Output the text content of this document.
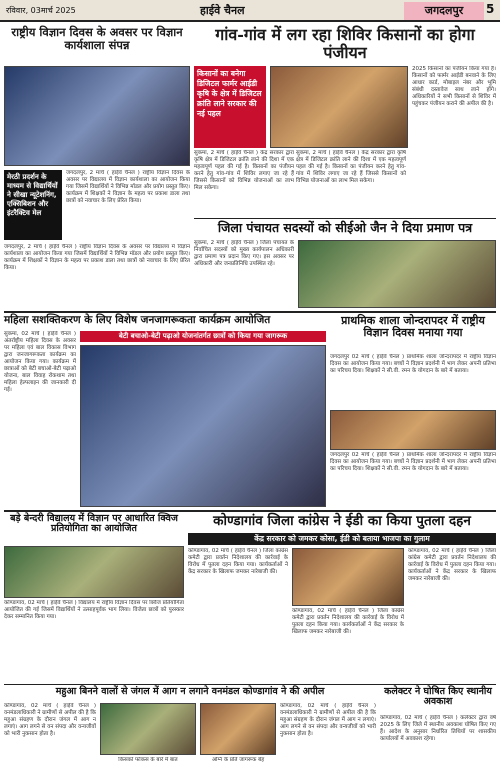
रविवार, 03मार्च 2025	हाईवे चैनल	जगदलपुर	5
राष्ट्रीय विज्ञान दिवस के अवसर पर विज्ञान कार्यशाला संपन्न
मेरठी प्रदर्शन के माध्यम से विद्यार्थियों ने सीखा न्यूटेशनिंग, एक्सिबिशन और इंटरैक्टिव मेल
जगदलपुर, 2 मार्च ( हाईवे चैनल ) राष्ट्रीय विज्ञान दिवस के अवसर पर विद्यालय में विज्ञान कार्यशाला का आयोजन किया गया जिसमें विद्यार्थियों ने विभिन्न मॉडल और प्रयोग प्रस्तुत किए। कार्यक्रम में शिक्षकों ने विज्ञान के महत्व पर प्रकाश डाला तथा छात्रों को नवाचार के लिए प्रेरित किया।
जगदलपुर, 2 मार्च ( हाईवे चैनल ) राष्ट्रीय विज्ञान दिवस के अवसर पर विद्यालय में विज्ञान कार्यशाला का आयोजन किया गया जिसमें विद्यार्थियों ने विभिन्न मॉडल और प्रयोग प्रस्तुत किए। कार्यक्रम में शिक्षकों ने विज्ञान के महत्व पर प्रकाश डाला तथा छात्रों को नवाचार के लिए प्रेरित किया।
गांव-गांव में लग रहा शिविर किसानों का होगा पंजीयन
किसानों का बनेगा डिजिटल फार्मर आईडी कृषि के क्षेत्र में डिजिटल क्रांति लाने सरकार की नई पहल
सुकमा, 2 मार्च ( हाईवे चैनल ) केंद्र सरकार द्वारा कृषि क्षेत्र में डिजिटल क्रांति लाने की दिशा में एक महत्वपूर्ण पहल की गई है। किसानों का पंजीयन करने हेतु गांव-गांव में शिविर लगाए जा रहे हैं जिससे किसानों को विभिन्न योजनाओं का लाभ मिल सकेगा।
सुकमा, 2 मार्च ( हाईवे चैनल ) केंद्र सरकार द्वारा कृषि क्षेत्र में डिजिटल क्रांति लाने की दिशा में एक महत्वपूर्ण पहल की गई है। किसानों का पंजीयन करने हेतु गांव-गांव में शिविर लगाए जा रहे हैं जिससे किसानों को विभिन्न योजनाओं का लाभ मिल सकेगा।
2025 किसानों का पंजीयन किया गया है। किसानों को फार्मर आईडी बनवाने के लिए आधार कार्ड, मोबाइल नंबर और भूमि संबंधी दस्तावेज साथ लाने होंगे। अधिकारियों ने सभी किसानों से शिविर में पहुंचकर पंजीयन कराने की अपील की है।
जिला पंचायत सदस्यों को सीईओ जैन ने दिया प्रमाण पत्र
सुकमा, 2 मार्च ( हाईवे चैनल ) जिला पंचायत के निर्वाचित सदस्यों को मुख्य कार्यपालन अधिकारी द्वारा प्रमाण पत्र प्रदान किए गए। इस अवसर पर अधिकारी और जनप्रतिनिधि उपस्थित रहे।
महिला सशक्तिकरण के लिए विशेष जनजागरूकता कार्यक्रम आयोजित
बेटी बचाओ-बेटी पढ़ाओ योजनांतर्गत छात्रों को किया गया जागरूक
सुकमा, 02 मार्च ( हाईवे चैनल ) अंतर्राष्ट्रीय महिला दिवस के अवसर पर महिला एवं बाल विकास विभाग द्वारा जनजागरूकता कार्यक्रम का आयोजन किया गया। कार्यक्रम में छात्राओं को बेटी बचाओ-बेटी पढ़ाओ योजना, बाल विवाह रोकथाम तथा महिला हेल्पलाइन की जानकारी दी गई।
प्राथमिक शाला जोन्दरापदर में राष्ट्रीय विज्ञान दिवस मनाया गया
जगदलपुर 02 मार्च ( हाईवे चैनल ) प्राथमिक शाला जोन्दरापदर में राष्ट्रीय विज्ञान दिवस का आयोजन किया गया। बच्चों ने विज्ञान प्रदर्शनी में भाग लेकर अपनी प्रतिभा का परिचय दिया। शिक्षकों ने सी.वी. रमन के योगदान के बारे में बताया।
जगदलपुर 02 मार्च ( हाईवे चैनल ) प्राथमिक शाला जोन्दरापदर में राष्ट्रीय विज्ञान दिवस का आयोजन किया गया। बच्चों ने विज्ञान प्रदर्शनी में भाग लेकर अपनी प्रतिभा का परिचय दिया। शिक्षकों ने सी.वी. रमन के योगदान के बारे में बताया।
बड़े बेन्दरी विद्यालय में विज्ञान पर आधारित क्विज प्रतियोगिता का आयोजित
कोण्डागांव, 02 मार्च ( हाईवे चैनल ) विद्यालय में राष्ट्रीय विज्ञान दिवस पर क्विज प्रतियोगिता आयोजित की गई जिसमें विद्यार्थियों ने उत्साहपूर्वक भाग लिया। विजेता छात्रों को पुरस्कार देकर सम्मानित किया गया।
कोण्डागांव जिला कांग्रेस ने ईडी का किया पुतला दहन
केंद्र सरकार को जमकर कोसा, ईडी को बताया भाजपा का गुलाम
कोण्डागांव, 02 मार्च ( हाईवे चैनल ) जिला कांग्रेस कमेटी द्वारा प्रवर्तन निदेशालय की कार्रवाई के विरोध में पुतला दहन किया गया। कार्यकर्ताओं ने केंद्र सरकार के खिलाफ जमकर नारेबाजी की।
कोण्डागांव, 02 मार्च ( हाईवे चैनल ) जिला कांग्रेस कमेटी द्वारा प्रवर्तन निदेशालय की कार्रवाई के विरोध में पुतला दहन किया गया। कार्यकर्ताओं ने केंद्र सरकार के खिलाफ जमकर नारेबाजी की।
कोण्डागांव, 02 मार्च ( हाईवे चैनल ) जिला कांग्रेस कमेटी द्वारा प्रवर्तन निदेशालय की कार्रवाई के विरोध में पुतला दहन किया गया। कार्यकर्ताओं ने केंद्र सरकार के खिलाफ जमकर नारेबाजी की।
महुआ बिनने वालों से जंगल में आग न लगाने वनमंडल कोण्डागांव ने की अपील
कोण्डागांव, 02 मार्च ( हाईवे चैनल ) वनमंडलाधिकारी ने ग्रामीणों से अपील की है कि महुआ संग्रहण के दौरान जंगल में आग न लगाएं। आग लगने से वन संपदा और वन्यजीवों को भारी नुकसान होता है।
किसको फोकस के बारे में बात	अग्नि के प्रति जागरूक बेह
कोण्डागांव, 02 मार्च ( हाईवे चैनल ) वनमंडलाधिकारी ने ग्रामीणों से अपील की है कि महुआ संग्रहण के दौरान जंगल में आग न लगाएं। आग लगने से वन संपदा और वन्यजीवों को भारी नुकसान होता है।
कलेक्टर ने घोषित किए स्थानीय अवकाश
कोण्डागांव, 02 मार्च ( हाईवे चैनल ) कलेक्टर द्वारा वर्ष 2025 के लिए जिले में स्थानीय अवकाश घोषित किए गए हैं। आदेश के अनुसार निर्धारित तिथियों पर शासकीय कार्यालयों में अवकाश रहेगा।
